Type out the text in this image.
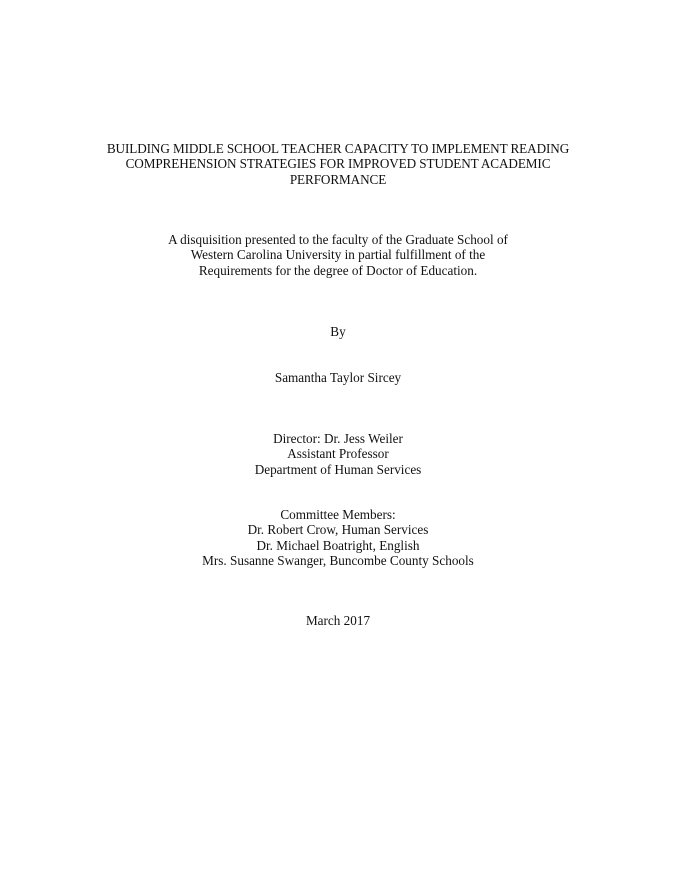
BUILDING MIDDLE SCHOOL TEACHER CAPACITY TO IMPLEMENT READING
COMPREHENSION STRATEGIES FOR IMPROVED STUDENT ACADEMIC
PERFORMANCE
A disquisition presented to the faculty of the Graduate School of
Western Carolina University in partial fulfillment of the
Requirements for the degree of Doctor of Education.
By
Samantha Taylor Sircey
Director: Dr. Jess Weiler
Assistant Professor
Department of Human Services
Committee Members:
Dr. Robert Crow, Human Services
Dr. Michael Boatright, English
Mrs. Susanne Swanger, Buncombe County Schools
March 2017
